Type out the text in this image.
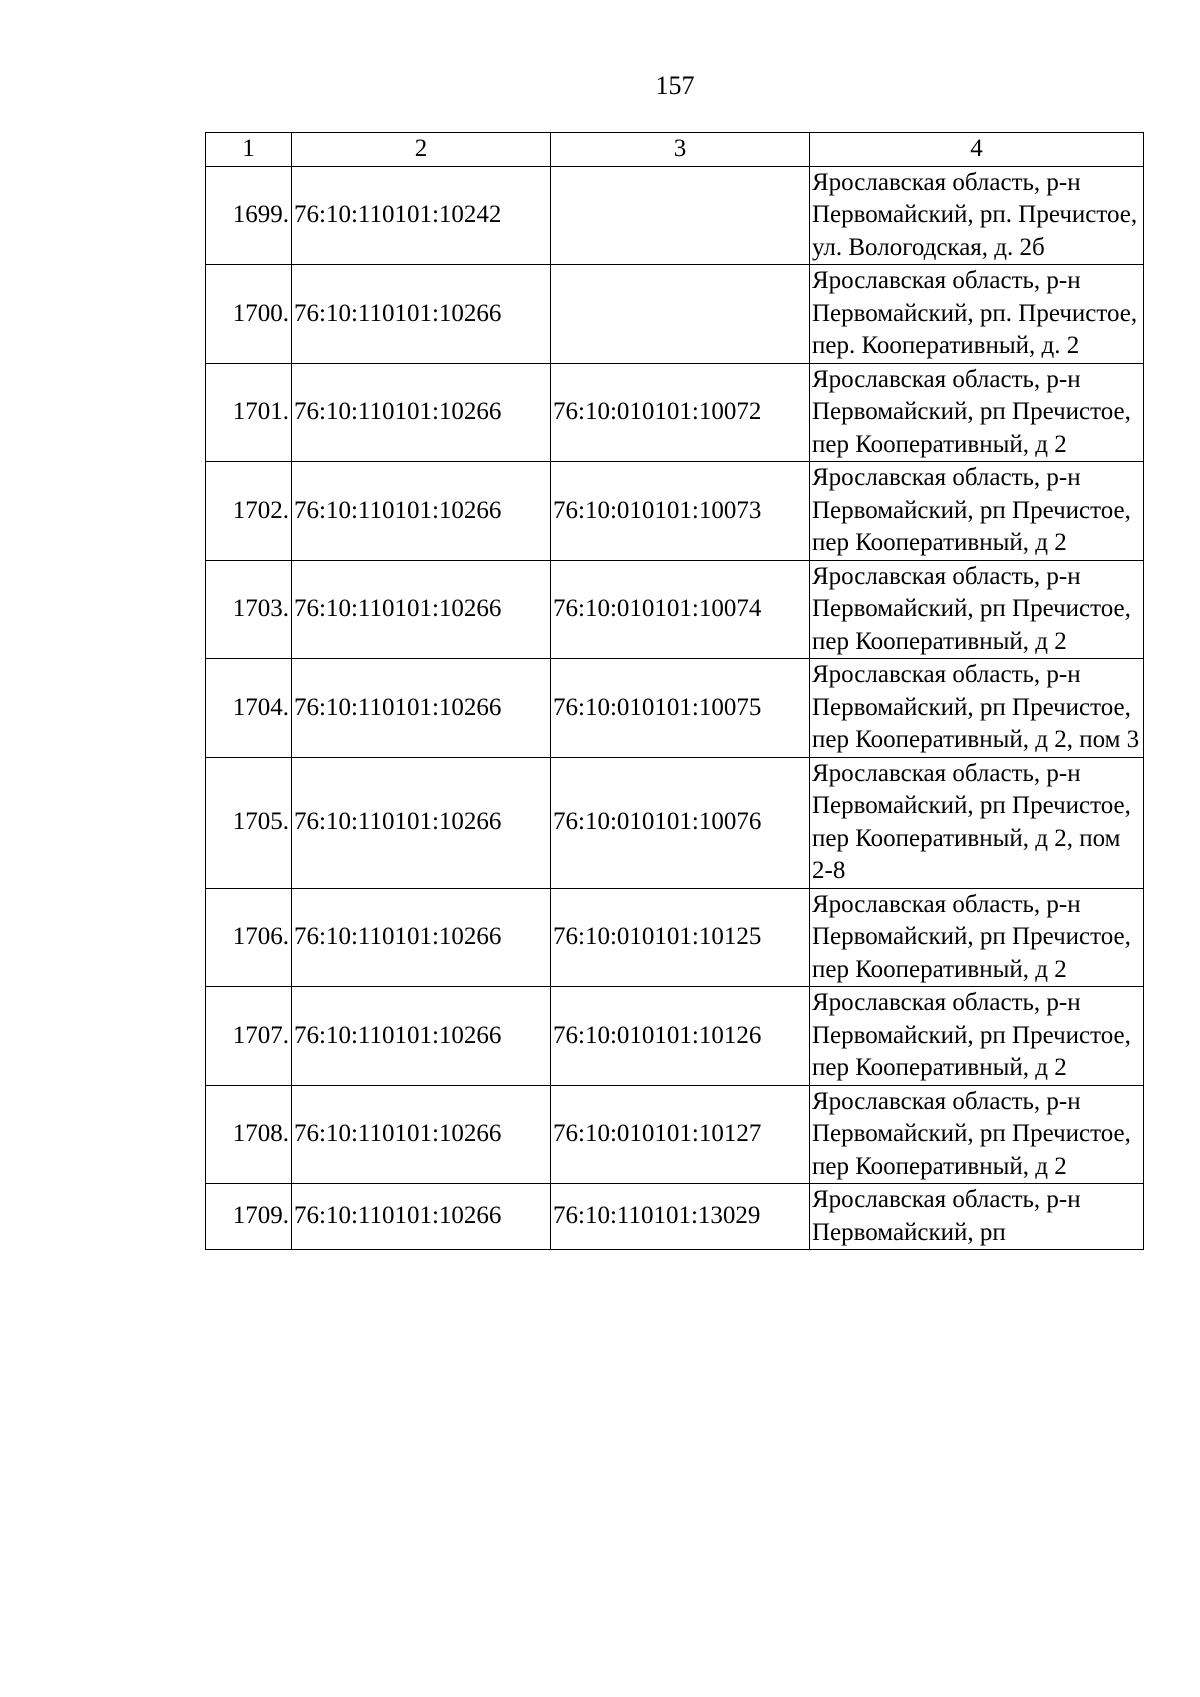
157
1	2	3	4
1699.	76:10:110101:10242		Ярославская область, р-н Первомайский, рп. Пречистое, ул. Вологодская, д. 2б
1700.	76:10:110101:10266		Ярославская область, р-н Первомайский, рп. Пречистое, пер. Кооперативный, д. 2
1701.	76:10:110101:10266	76:10:010101:10072	Ярославская область, р-н Первомайский, рп Пречистое, пер Кооперативный, д 2
1702.	76:10:110101:10266	76:10:010101:10073	Ярославская область, р-н Первомайский, рп Пречистое, пер Кооперативный, д 2
1703.	76:10:110101:10266	76:10:010101:10074	Ярославская область, р-н Первомайский, рп Пречистое, пер Кооперативный, д 2
1704.	76:10:110101:10266	76:10:010101:10075	Ярославская область, р-н Первомайский, рп Пречистое, пер Кооперативный, д 2, пом 3
1705.	76:10:110101:10266	76:10:010101:10076	Ярославская область, р-н Первомайский, рп Пречистое, пер Кооперативный, д 2, пом 2-8
1706.	76:10:110101:10266	76:10:010101:10125	Ярославская область, р-н Первомайский, рп Пречистое, пер Кооперативный, д 2
1707.	76:10:110101:10266	76:10:010101:10126	Ярославская область, р-н Первомайский, рп Пречистое, пер Кооперативный, д 2
1708.	76:10:110101:10266	76:10:010101:10127	Ярославская область, р-н Первомайский, рп Пречистое, пер Кооперативный, д 2
1709.	76:10:110101:10266	76:10:110101:13029	Ярославская область, р-н Первомайский, рп
